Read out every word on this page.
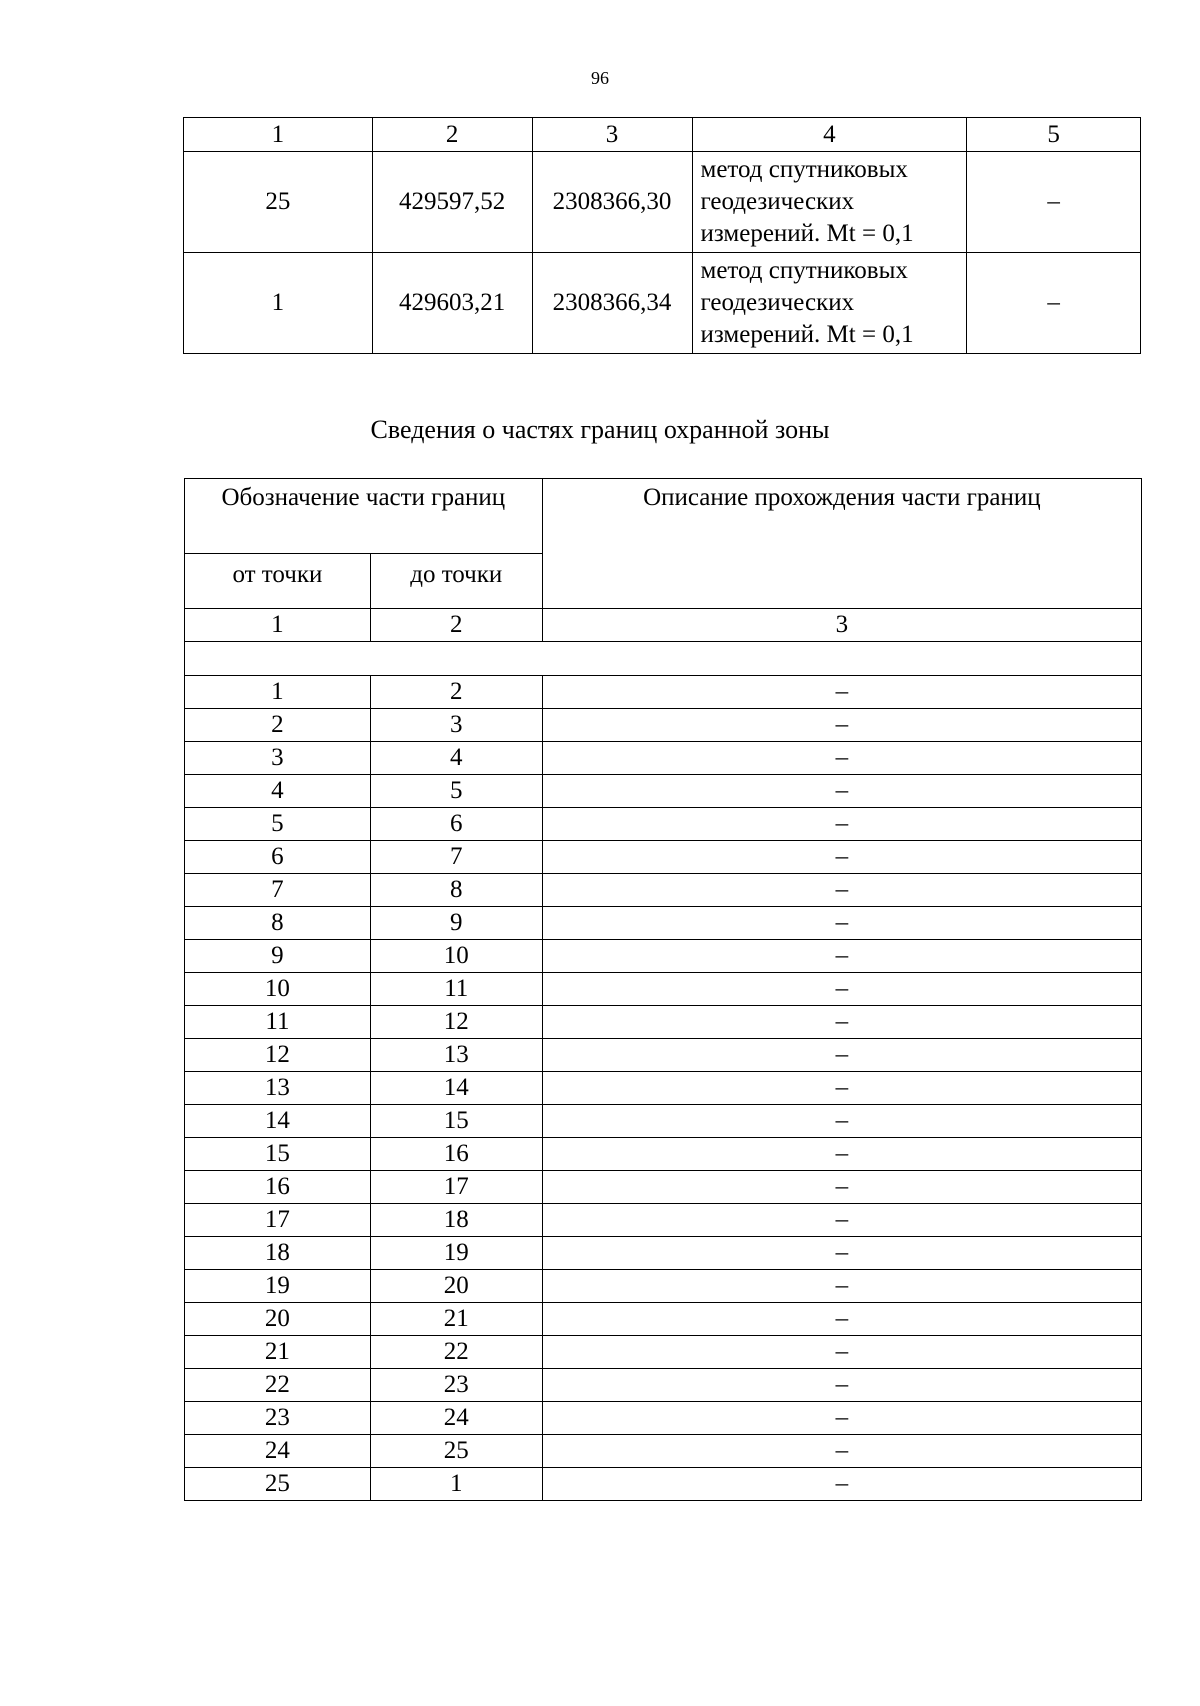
96
1	2	3	4	5
25	429597,52	2308366,30	метод спутниковых
геодезических
измерений. Mt = 0,1	–
1	429603,21	2308366,34	метод спутниковых
геодезических
измерений. Mt = 0,1	–
Сведения о частях границ охранной зоны
Обозначение части границ		Описание прохождения части границ
от точки	до точки	
1	2	3

1	2	–
2	3	–
3	4	–
4	5	–
5	6	–
6	7	–
7	8	–
8	9	–
9	10	–
10	11	–
11	12	–
12	13	–
13	14	–
14	15	–
15	16	–
16	17	–
17	18	–
18	19	–
19	20	–
20	21	–
21	22	–
22	23	–
23	24	–
24	25	–
25	1	–
